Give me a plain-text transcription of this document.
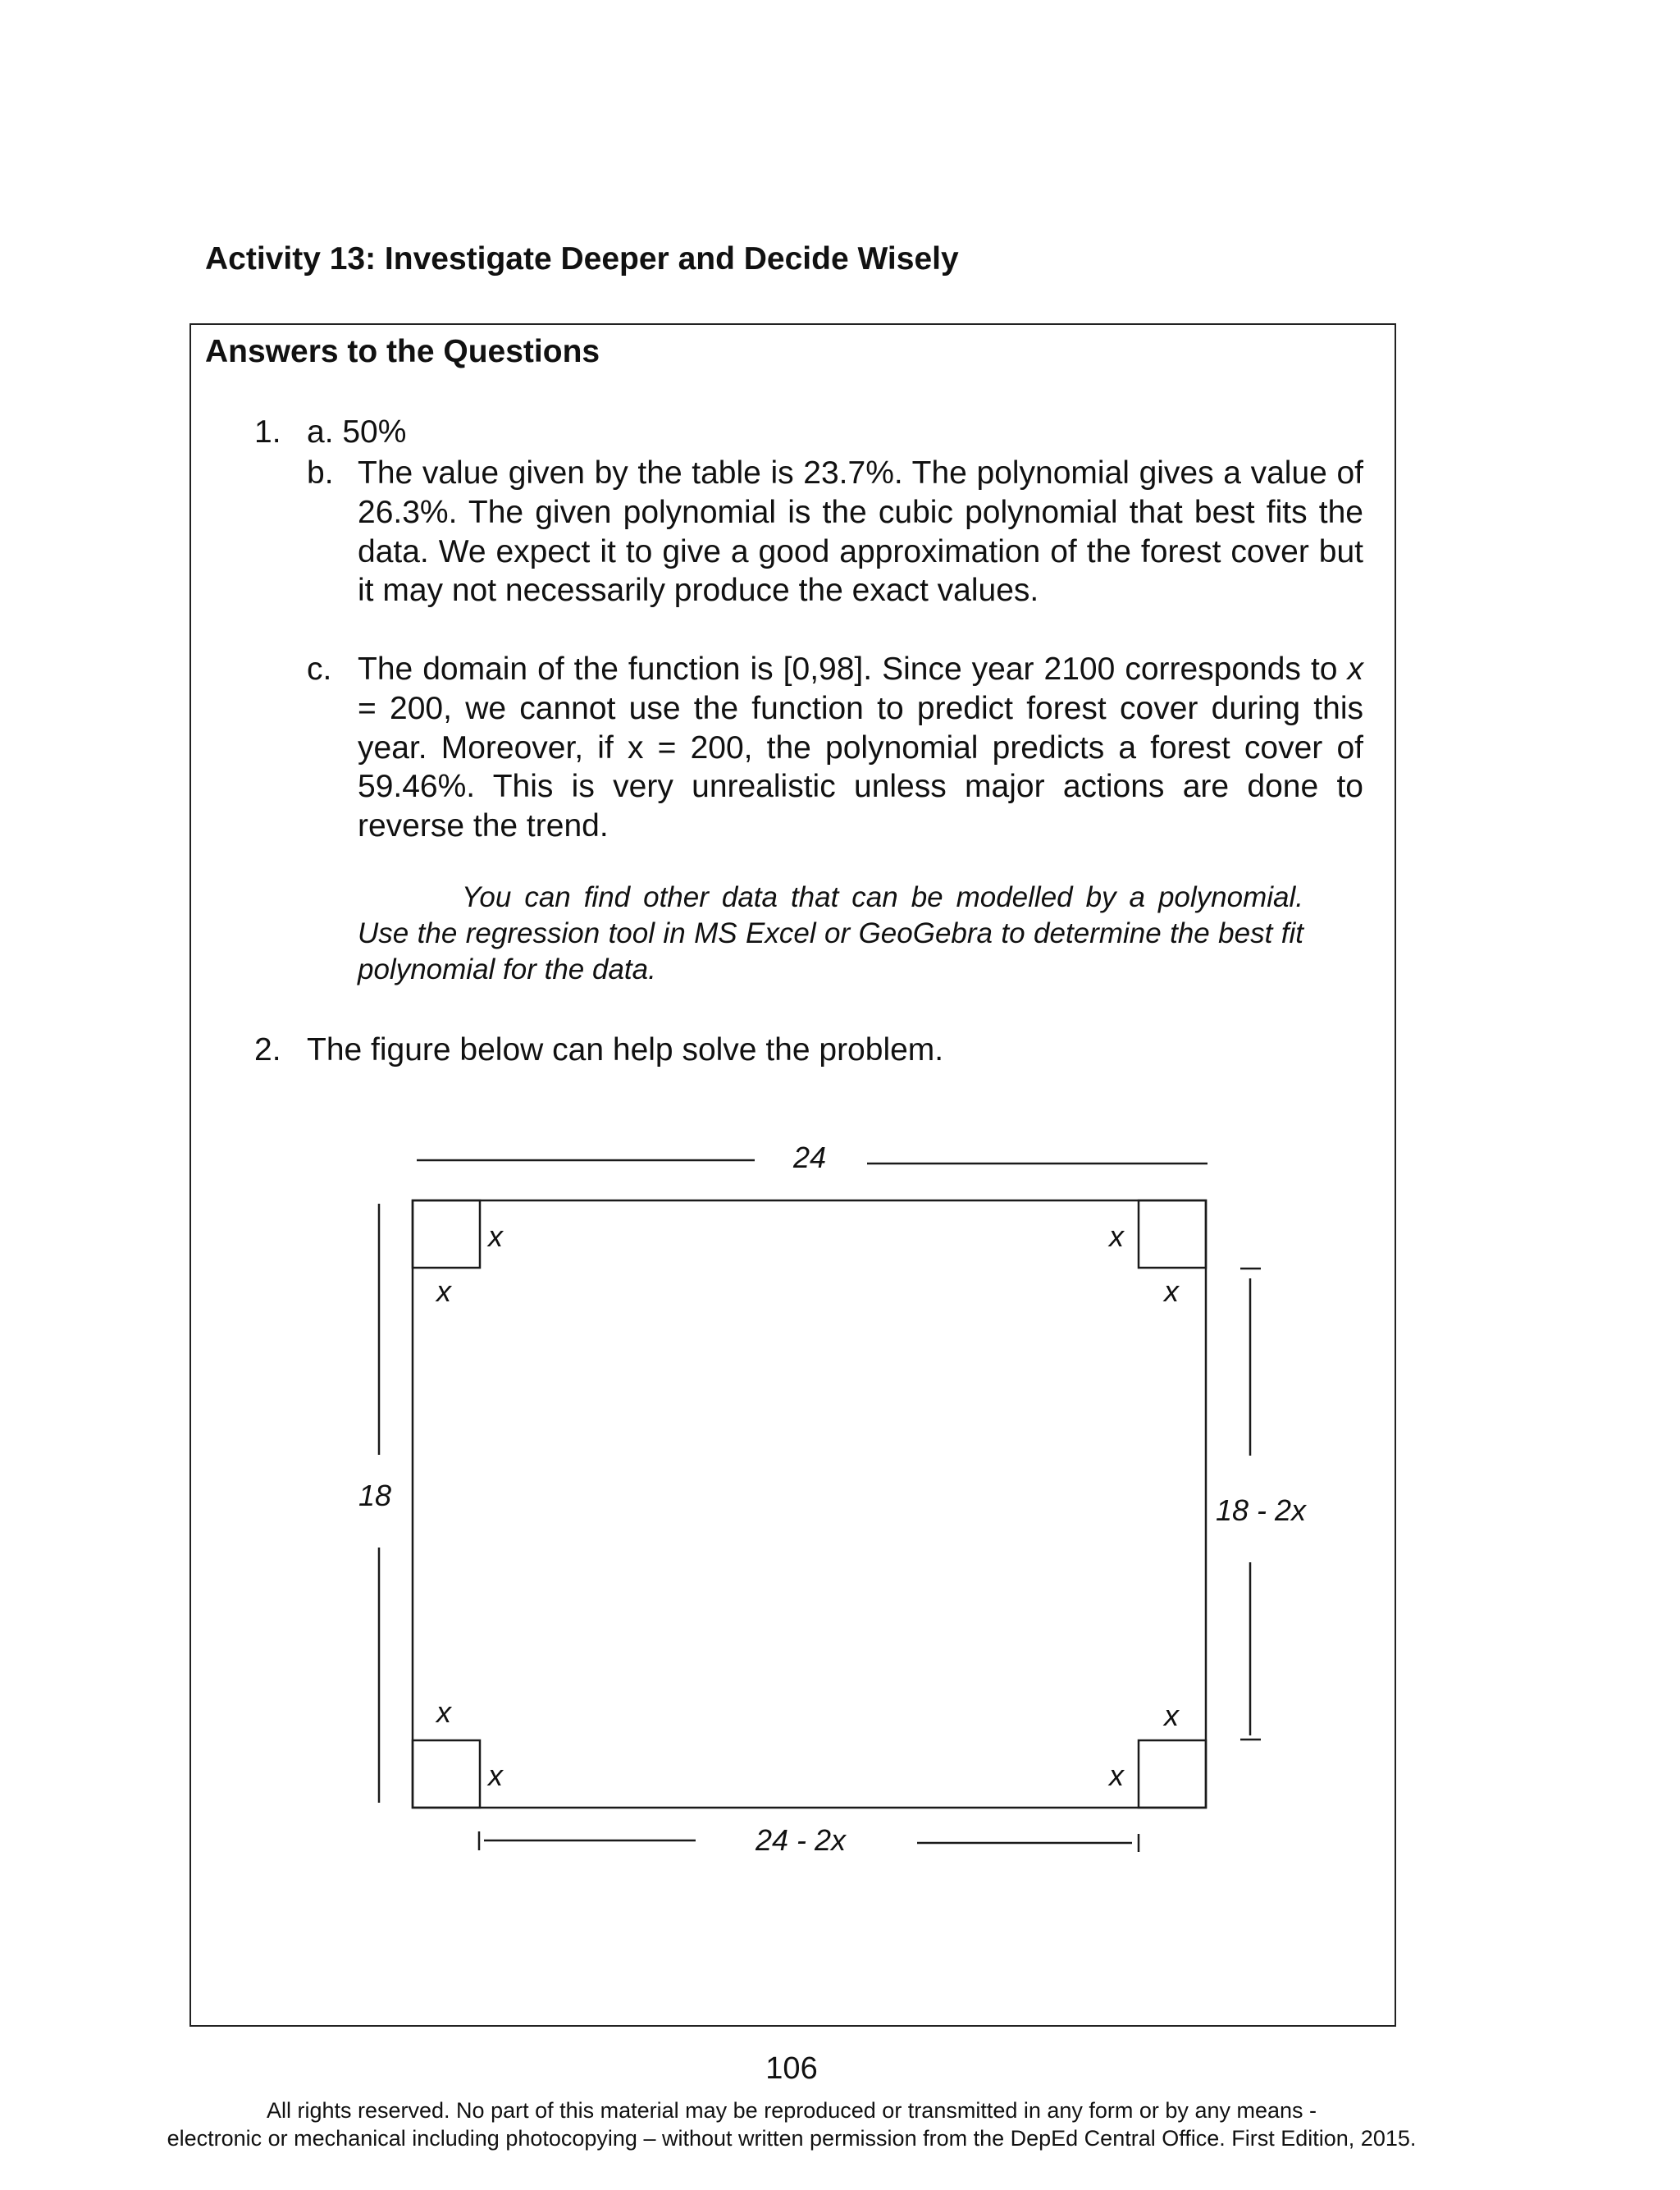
Activity 13: Investigate Deeper and Decide Wisely
Answers to the Questions
1. a. 50%
b. The value given by the table is 23.7%. The polynomial gives a value of 26.3%. The given polynomial is the cubic polynomial that best fits the data. We expect it to give a good approximation of the forest cover but it may not necessarily produce the exact values.
c. The domain of the function is [0,98]. Since year 2100 corresponds to x = 200, we cannot use the function to predict forest cover during this year. Moreover, if x = 200, the polynomial predicts a forest cover of 59.46%. This is very unrealistic unless major actions are done to reverse the trend.
You can find other data that can be modelled by a polynomial. Use the regression tool in MS Excel or GeoGebra to determine the best fit polynomial for the data.
2. The figure below can help solve the problem.
24
18	18 - 2x
24 - 2x
x
x
x
x
x
x
x
x
106
All rights reserved. No part of this material may be reproduced or transmitted in any form or by any means -
electronic or mechanical including photocopying – without written permission from the DepEd Central Office. First Edition, 2015.
